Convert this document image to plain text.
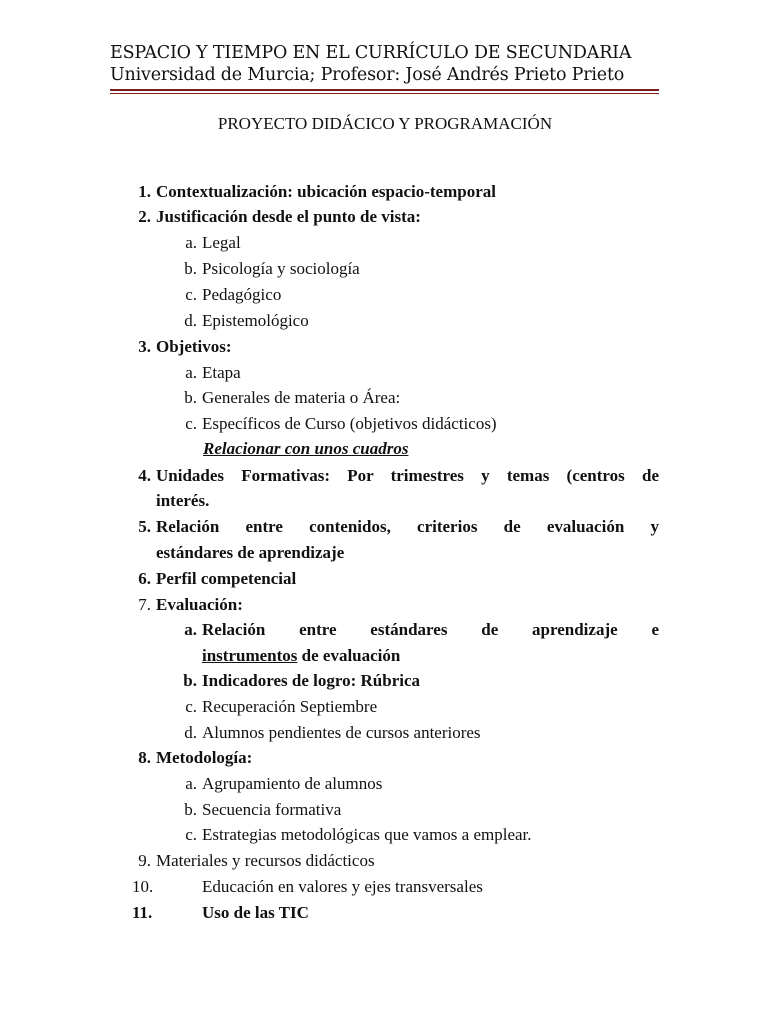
ESPACIO Y TIEMPO EN EL CURRÍCULO DE SECUNDARIA
Universidad de Murcia; Profesor: José Andrés Prieto Prieto
PROYECTO DIDÁCICO Y PROGRAMACIÓN
1. Contextualización: ubicación espacio-temporal
2. Justificación desde el punto de vista:
a. Legal
b. Psicología y sociología
c. Pedagógico
d. Epistemológico
3. Objetivos:
a. Etapa
b. Generales de materia o Área:
c. Específicos de Curso (objetivos didácticos)
Relacionar con unos cuadros
4. Unidades Formativas: Por trimestres y temas (centros de
interés.
5. Relación entre contenidos, criterios de evaluación y
estándares de aprendizaje
6. Perfil competencial
7. Evaluación:
a. Relación entre estándares de aprendizaje e
instrumentos de evaluación
b. Indicadores de logro: Rúbrica
c. Recuperación Septiembre
d. Alumnos pendientes de cursos anteriores
8. Metodología:
a. Agrupamiento de alumnos
b. Secuencia formativa
c. Estrategias metodológicas que vamos a emplear.
9. Materiales y recursos didácticos
10.	Educación en valores y ejes transversales
11.	Uso de las TIC
